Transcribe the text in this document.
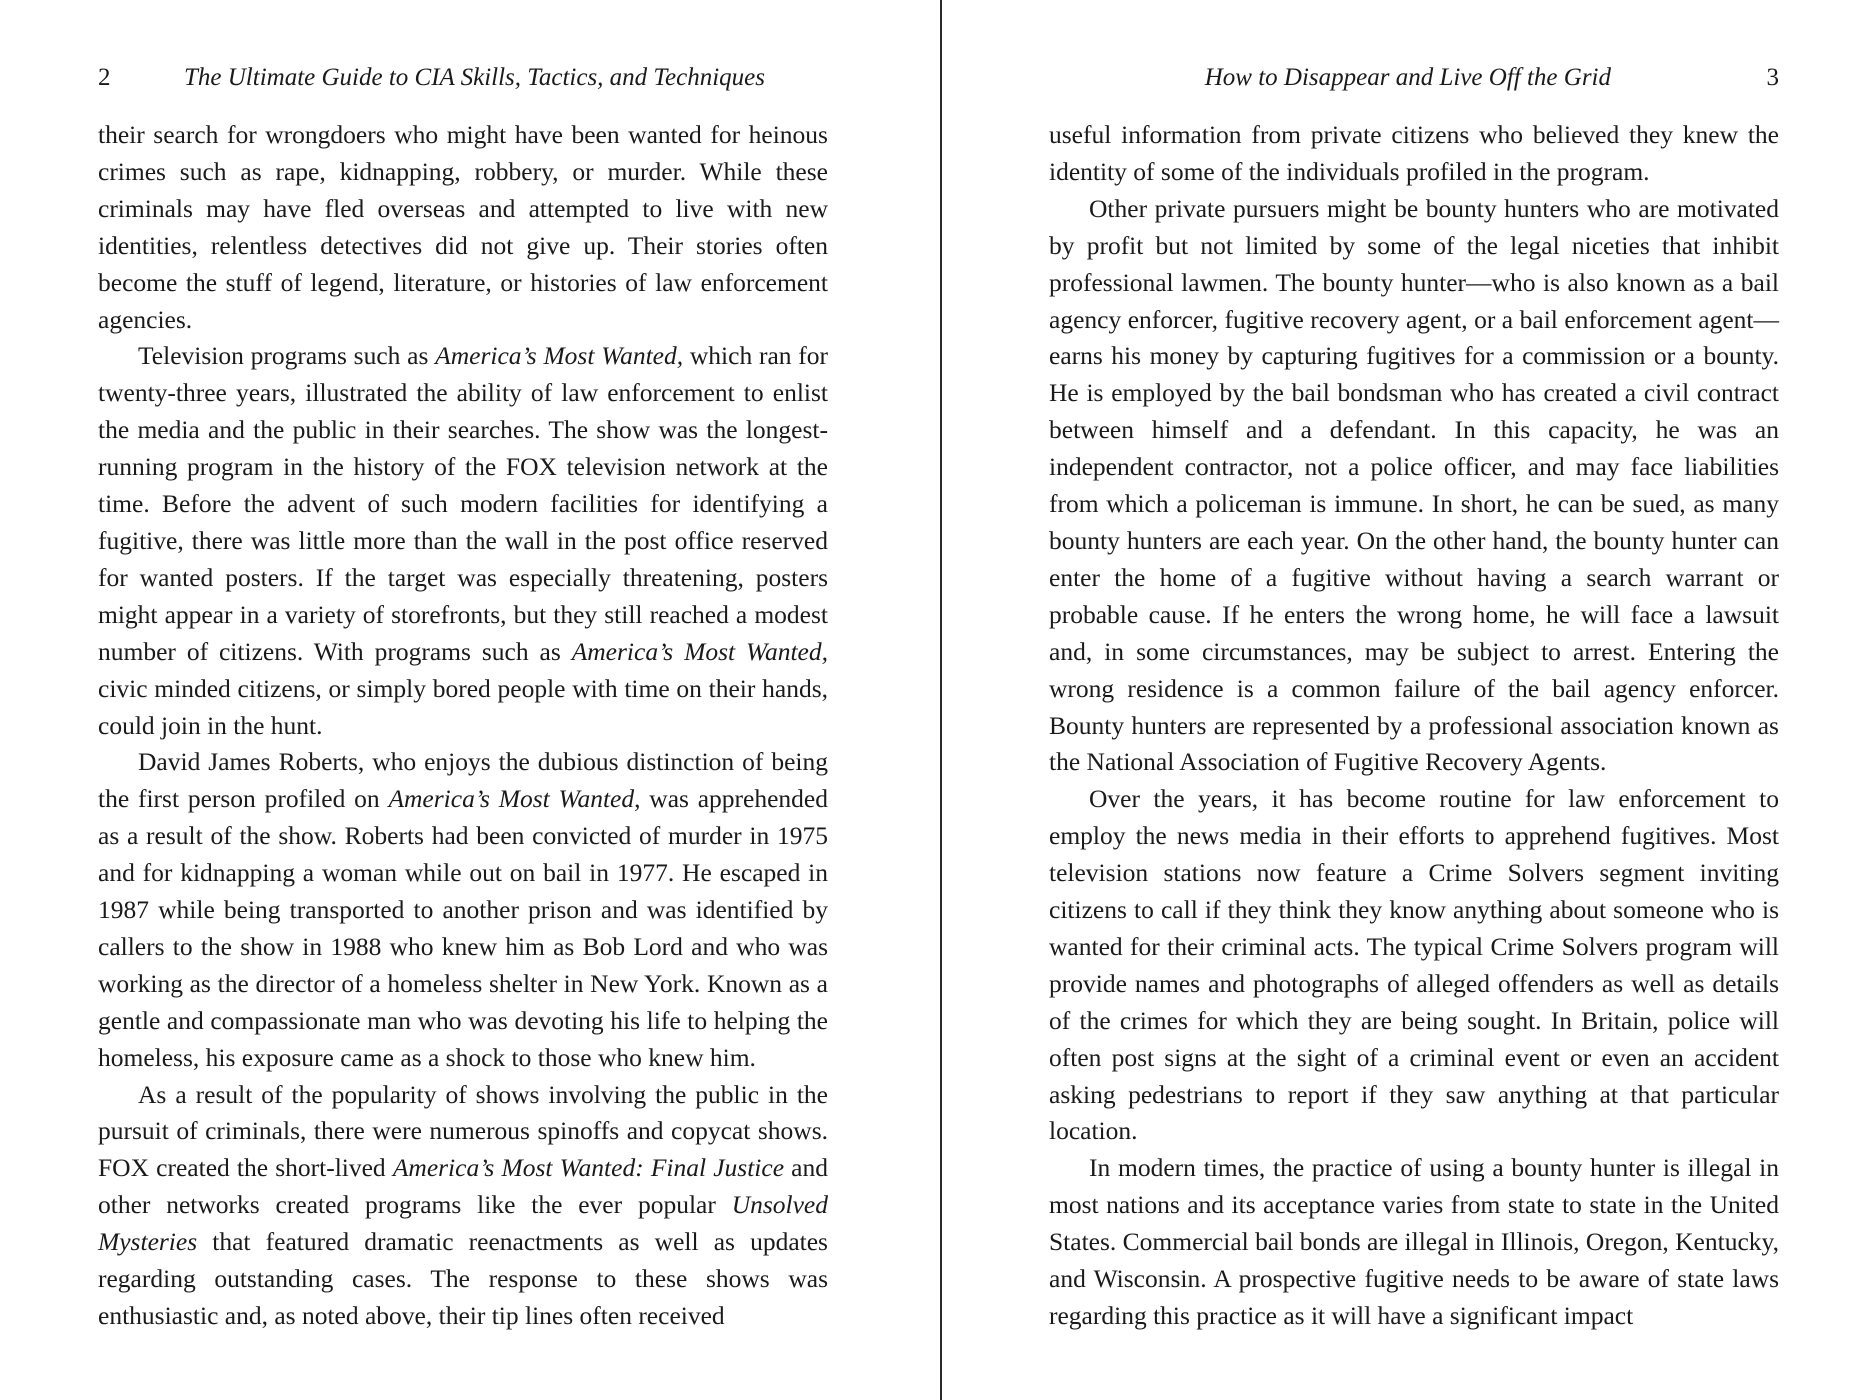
2	The Ultimate Guide to CIA Skills, Tactics, and Techniques

their search for wrongdoers who might have been wanted for heinous crimes such as rape, kidnapping, robbery, or murder. While these criminals may have fled overseas and attempted to live with new identities, relentless detectives did not give up. Their stories often become the stuff of legend, literature, or histories of law enforcement agencies.

Television programs such as America’s Most Wanted, which ran for twenty-three years, illustrated the ability of law enforcement to enlist the media and the public in their searches. The show was the longest-running program in the history of the FOX television network at the time. Before the advent of such modern facilities for identifying a fugitive, there was little more than the wall in the post office reserved for wanted posters. If the target was especially threatening, posters might appear in a variety of storefronts, but they still reached a modest number of citizens. With programs such as America’s Most Wanted, civic minded citizens, or simply bored people with time on their hands, could join in the hunt.

David James Roberts, who enjoys the dubious distinction of being the first person profiled on America’s Most Wanted, was apprehended as a result of the show. Roberts had been convicted of murder in 1975 and for kidnapping a woman while out on bail in 1977. He escaped in 1987 while being transported to another prison and was identified by callers to the show in 1988 who knew him as Bob Lord and who was working as the director of a homeless shelter in New York. Known as a gentle and compassionate man who was devoting his life to helping the homeless, his exposure came as a shock to those who knew him.

As a result of the popularity of shows involving the public in the pursuit of criminals, there were numerous spinoffs and copycat shows. FOX created the short-lived America’s Most Wanted: Final Justice and other networks created programs like the ever popular Unsolved Mysteries that featured dramatic reenactments as well as updates regarding outstanding cases. The response to these shows was enthusiastic and, as noted above, their tip lines often received

How to Disappear and Live Off the Grid	3

useful information from private citizens who believed they knew the identity of some of the individuals profiled in the program.

Other private pursuers might be bounty hunters who are motivated by profit but not limited by some of the legal niceties that inhibit professional lawmen. The bounty hunter—who is also known as a bail agency enforcer, fugitive recovery agent, or a bail enforcement agent—earns his money by capturing fugitives for a commission or a bounty. He is employed by the bail bondsman who has created a civil contract between himself and a defendant. In this capacity, he was an independent contractor, not a police officer, and may face liabilities from which a policeman is immune. In short, he can be sued, as many bounty hunters are each year. On the other hand, the bounty hunter can enter the home of a fugitive without having a search warrant or probable cause. If he enters the wrong home, he will face a lawsuit and, in some circumstances, may be subject to arrest. Entering the wrong residence is a common failure of the bail agency enforcer. Bounty hunters are represented by a professional association known as the National Association of Fugitive Recovery Agents.

Over the years, it has become routine for law enforcement to employ the news media in their efforts to apprehend fugitives. Most television stations now feature a Crime Solvers segment inviting citizens to call if they think they know anything about someone who is wanted for their criminal acts. The typical Crime Solvers program will provide names and photographs of alleged offenders as well as details of the crimes for which they are being sought. In Britain, police will often post signs at the sight of a criminal event or even an accident asking pedestrians to report if they saw anything at that particular location.

In modern times, the practice of using a bounty hunter is illegal in most nations and its acceptance varies from state to state in the United States. Commercial bail bonds are illegal in Illinois, Oregon, Kentucky, and Wisconsin. A prospective fugitive needs to be aware of state laws regarding this practice as it will have a significant impact
